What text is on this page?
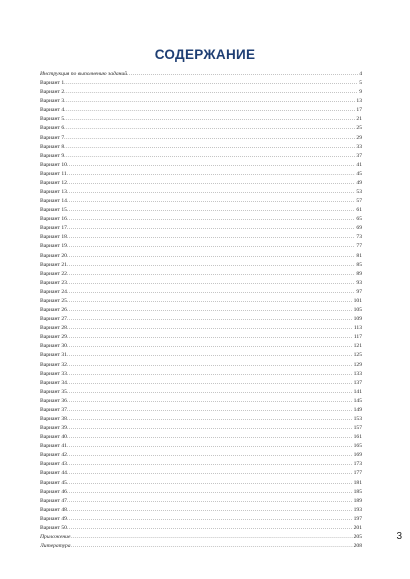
СОДЕРЖАНИЕ
Инструкция по выполнению заданий .....	4
Вариант 1 .....	5
Вариант 2 .....	9
Вариант 3 .....	13
Вариант 4 .....	17
Вариант 5 .....	21
Вариант 6 .....	25
Вариант 7 .....	29
Вариант 8 .....	33
Вариант 9 .....	37
Вариант 10 .....	41
Вариант 11 .....	45
Вариант 12 .....	49
Вариант 13 .....	53
Вариант 14 .....	57
Вариант 15 .....	61
Вариант 16 .....	65
Вариант 17 .....	69
Вариант 18 .....	73
Вариант 19 .....	77
Вариант 20 .....	81
Вариант 21 .....	85
Вариант 22 .....	89
Вариант 23 .....	93
Вариант 24 .....	97
Вариант 25 .....	101
Вариант 26 .....	105
Вариант 27 .....	109
Вариант 28 .....	113
Вариант 29 .....	117
Вариант 30 .....	121
Вариант 31 .....	125
Вариант 32 .....	129
Вариант 33 .....	133
Вариант 34 .....	137
Вариант 35 .....	141
Вариант 36 .....	145
Вариант 37 .....	149
Вариант 38 .....	153
Вариант 39 .....	157
Вариант 40 .....	161
Вариант 41 .....	165
Вариант 42 .....	169
Вариант 43 .....	173
Вариант 44 .....	177
Вариант 45 .....	181
Вариант 46 .....	185
Вариант 47 .....	189
Вариант 48 .....	193
Вариант 49 .....	197
Вариант 50 .....	201
Приложение .....	205
Литература .....	208
3
